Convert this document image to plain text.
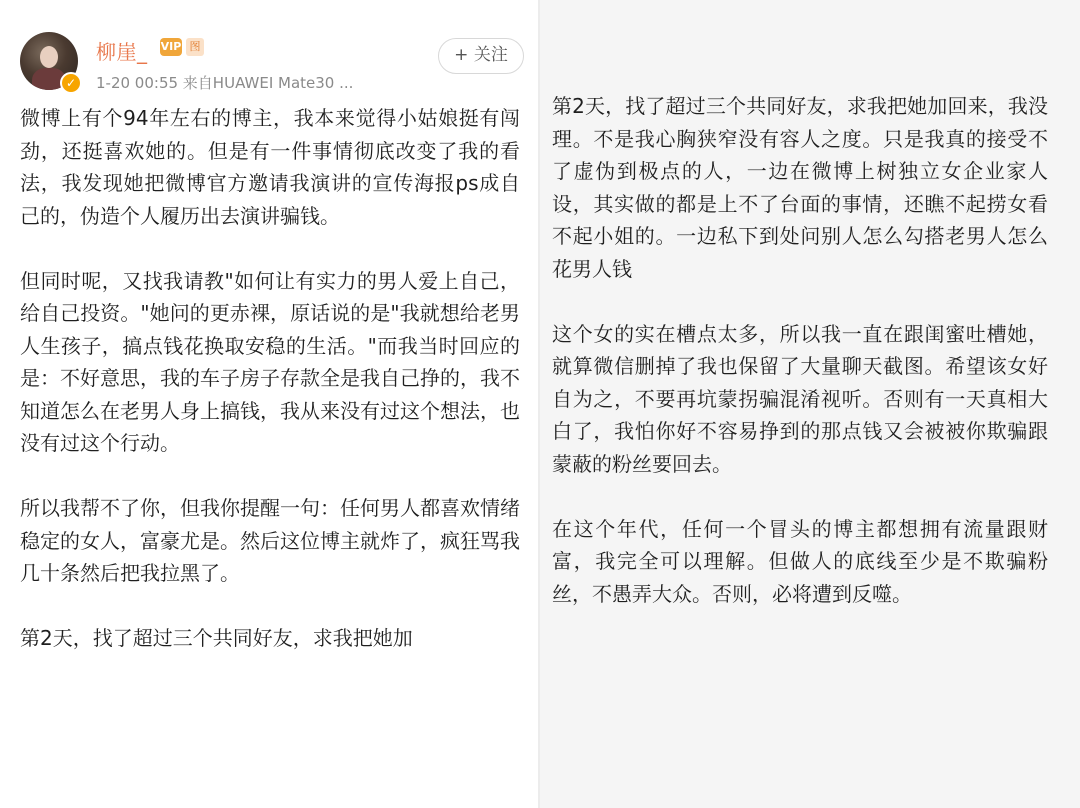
✓
柳崖_ VIP 图
1-20 00:55 来自HUAWEI Mate30 ...
+ 关注

微博上有个94年左右的博主，我本来觉得小姑娘挺有闯劲，还挺喜欢她的。但是有一件事情彻底改变了我的看法，我发现她把微博官方邀请我演讲的宣传海报ps成自己的，伪造个人履历出去演讲骗钱。

但同时呢，又找我请教"如何让有实力的男人爱上自己，给自己投资。"她问的更赤裸，原话说的是"我就想给老男人生孩子，搞点钱花换取安稳的生活。"而我当时回应的是：不好意思，我的车子房子存款全是我自己挣的，我不知道怎么在老男人身上搞钱，我从来没有过这个想法，也没有过这个行动。

所以我帮不了你，但我你提醒一句：任何男人都喜欢情绪稳定的女人，富豪尤是。然后这位博主就炸了，疯狂骂我几十条然后把我拉黑了。

第2天，找了超过三个共同好友，求我把她加

第2天，找了超过三个共同好友，求我把她加回来，我没理。不是我心胸狭窄没有容人之度。只是我真的接受不了虚伪到极点的人，一边在微博上树独立女企业家人设，其实做的都是上不了台面的事情，还瞧不起捞女看不起小姐的。一边私下到处问别人怎么勾搭老男人怎么花男人钱

这个女的实在槽点太多，所以我一直在跟闺蜜吐槽她，就算微信删掉了我也保留了大量聊天截图。希望该女好自为之，不要再坑蒙拐骗混淆视听。否则有一天真相大白了，我怕你好不容易挣到的那点钱又会被被你欺骗跟蒙蔽的粉丝要回去。

在这个年代，任何一个冒头的博主都想拥有流量跟财富，我完全可以理解。但做人的底线至少是不欺骗粉丝，不愚弄大众。否则，必将遭到反噬。
